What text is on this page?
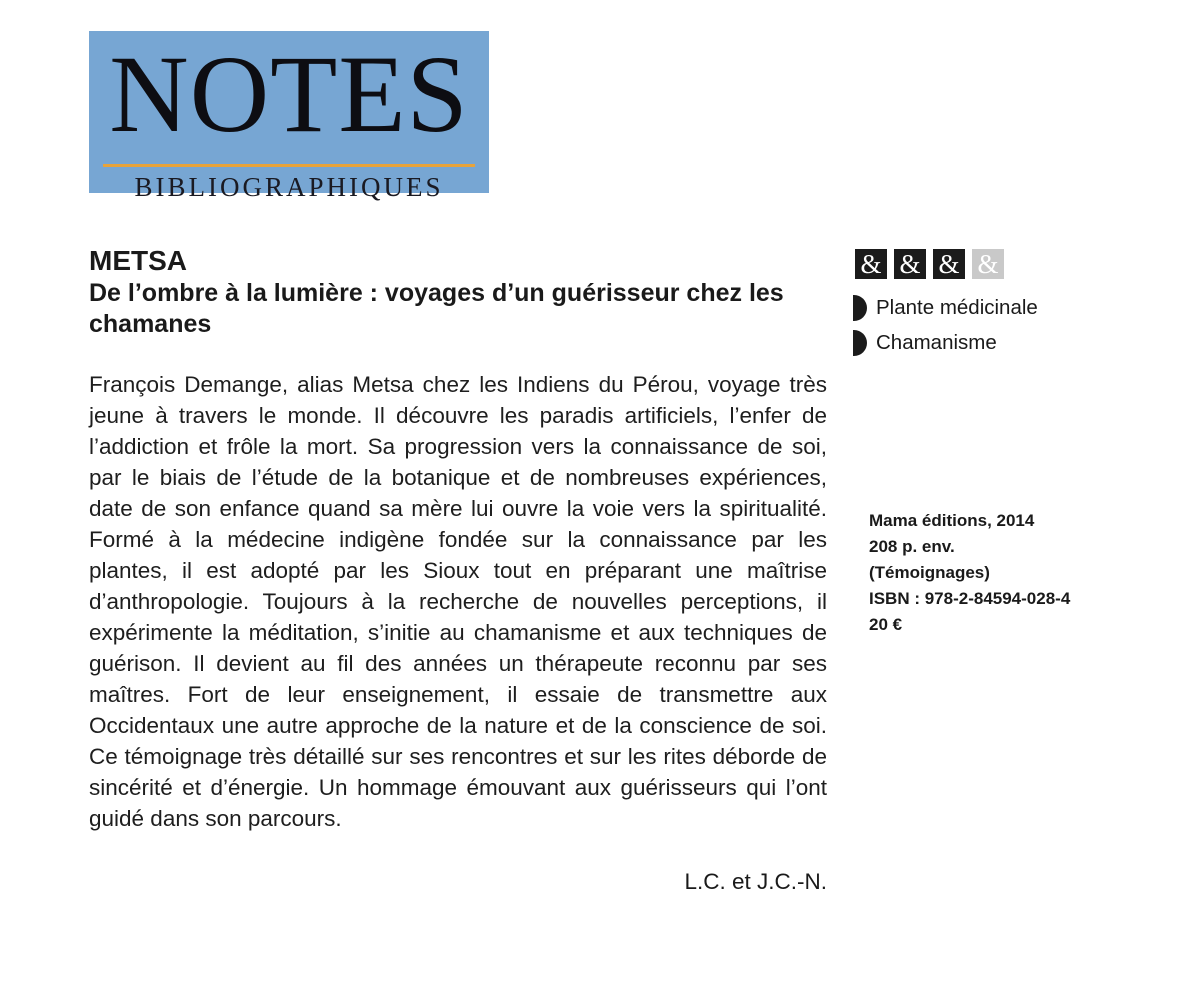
NOTES
BIBLIOGRAPHIQUES
METSA
De l’ombre à la lumière : voyages d’un guérisseur chez les chamanes

François Demange, alias Metsa chez les Indiens du Pérou, voyage très jeune à travers le monde. Il découvre les paradis artificiels, l’enfer de l’addiction et frôle la mort. Sa progression vers la connaissance de soi, par le biais de l’étude de la botanique et de nombreuses expériences, date de son enfance quand sa mère lui ouvre la voie vers la spiritualité. Formé à la médecine indigène fondée sur la connaissance par les plantes, il est adopté par les Sioux tout en préparant une maîtrise d’anthropologie. Toujours à la recherche de nouvelles perceptions, il expérimente la méditation, s’initie au chamanisme et aux techniques de guérison. Il devient au fil des années un thérapeute reconnu par ses maîtres. Fort de leur enseignement, il essaie de transmettre aux Occidentaux une autre approche de la nature et de la conscience de soi. Ce témoignage très détaillé sur ses rencontres et sur les rites déborde de sincérité et d’énergie. Un hommage émouvant aux guérisseurs qui l’ont guidé dans son parcours.

L.C. et J.C.-N.

& & & &
Plante médicinale
Chamanisme
Mama éditions, 2014
208 p. env.
(Témoignages)
ISBN : 978-2-84594-028-4
20 €
